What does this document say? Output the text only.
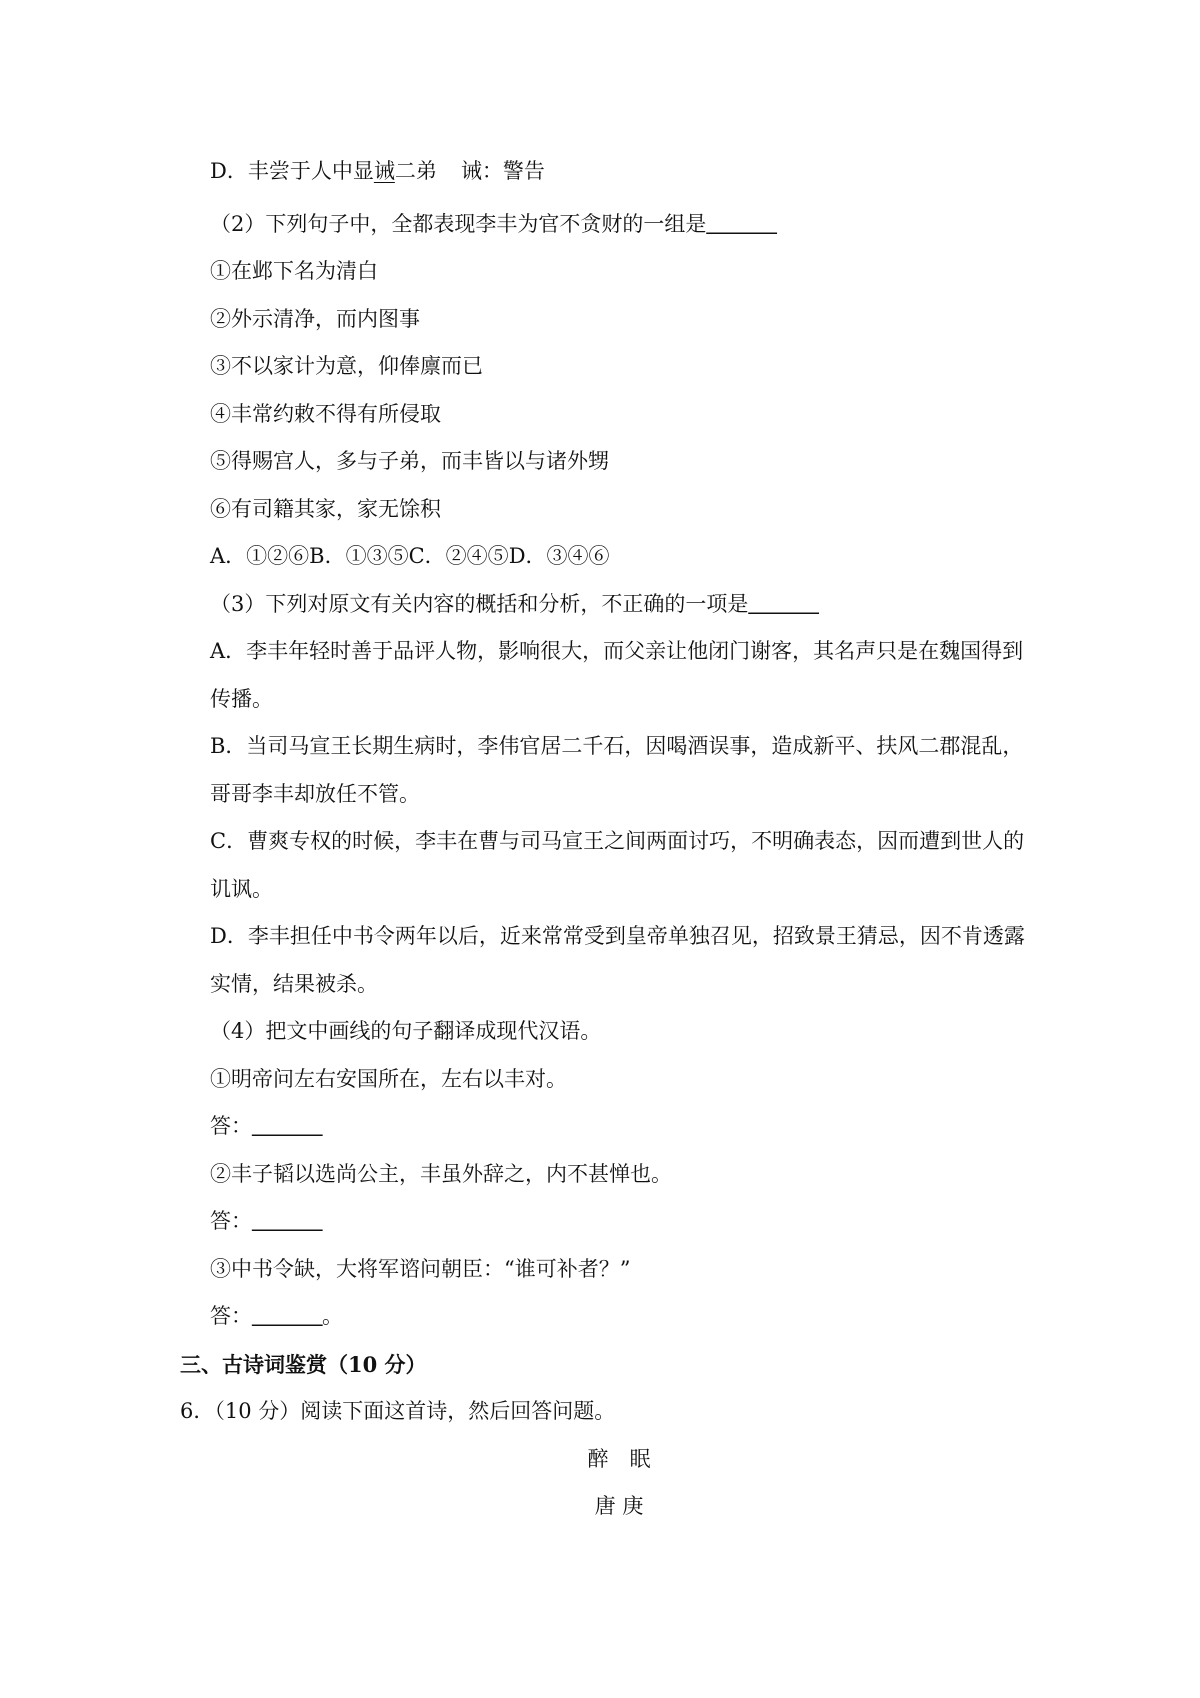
D．丰尝于人中显诫二弟 诫：警告
（2）下列句子中，全都表现李丰为官不贪财的一组是_______
①在邺下名为清白
②外示清净，而内图事
③不以家计为意，仰俸廪而已
④丰常约敕不得有所侵取
⑤得赐宫人，多与子弟，而丰皆以与诸外甥
⑥有司籍其家，家无馀积
A．①②⑥B．①③⑤C．②④⑤D．③④⑥
（3）下列对原文有关内容的概括和分析，不正确的一项是_______
A．李丰年轻时善于品评人物，影响很大，而父亲让他闭门谢客，其名声只是在魏国得到
传播。
B．当司马宣王长期生病时，李伟官居二千石，因喝酒误事，造成新平、扶风二郡混乱，
哥哥李丰却放任不管。
C．曹爽专权的时候，李丰在曹与司马宣王之间两面讨巧，不明确表态，因而遭到世人的
讥讽。
D．李丰担任中书令两年以后，近来常常受到皇帝单独召见，招致景王猜忌，因不肯透露
实情，结果被杀。
（4）把文中画线的句子翻译成现代汉语。
①明帝问左右安国所在，左右以丰对。
答：_______
②丰子韬以选尚公主，丰虽外辞之，内不甚惮也。
答：_______
③中书令缺，大将军谘问朝臣：“谁可补者？”
答：_______。
三、古诗词鉴赏（10 分）
6．（10 分）阅读下面这首诗，然后回答问题。
醉　眠
唐 庚
